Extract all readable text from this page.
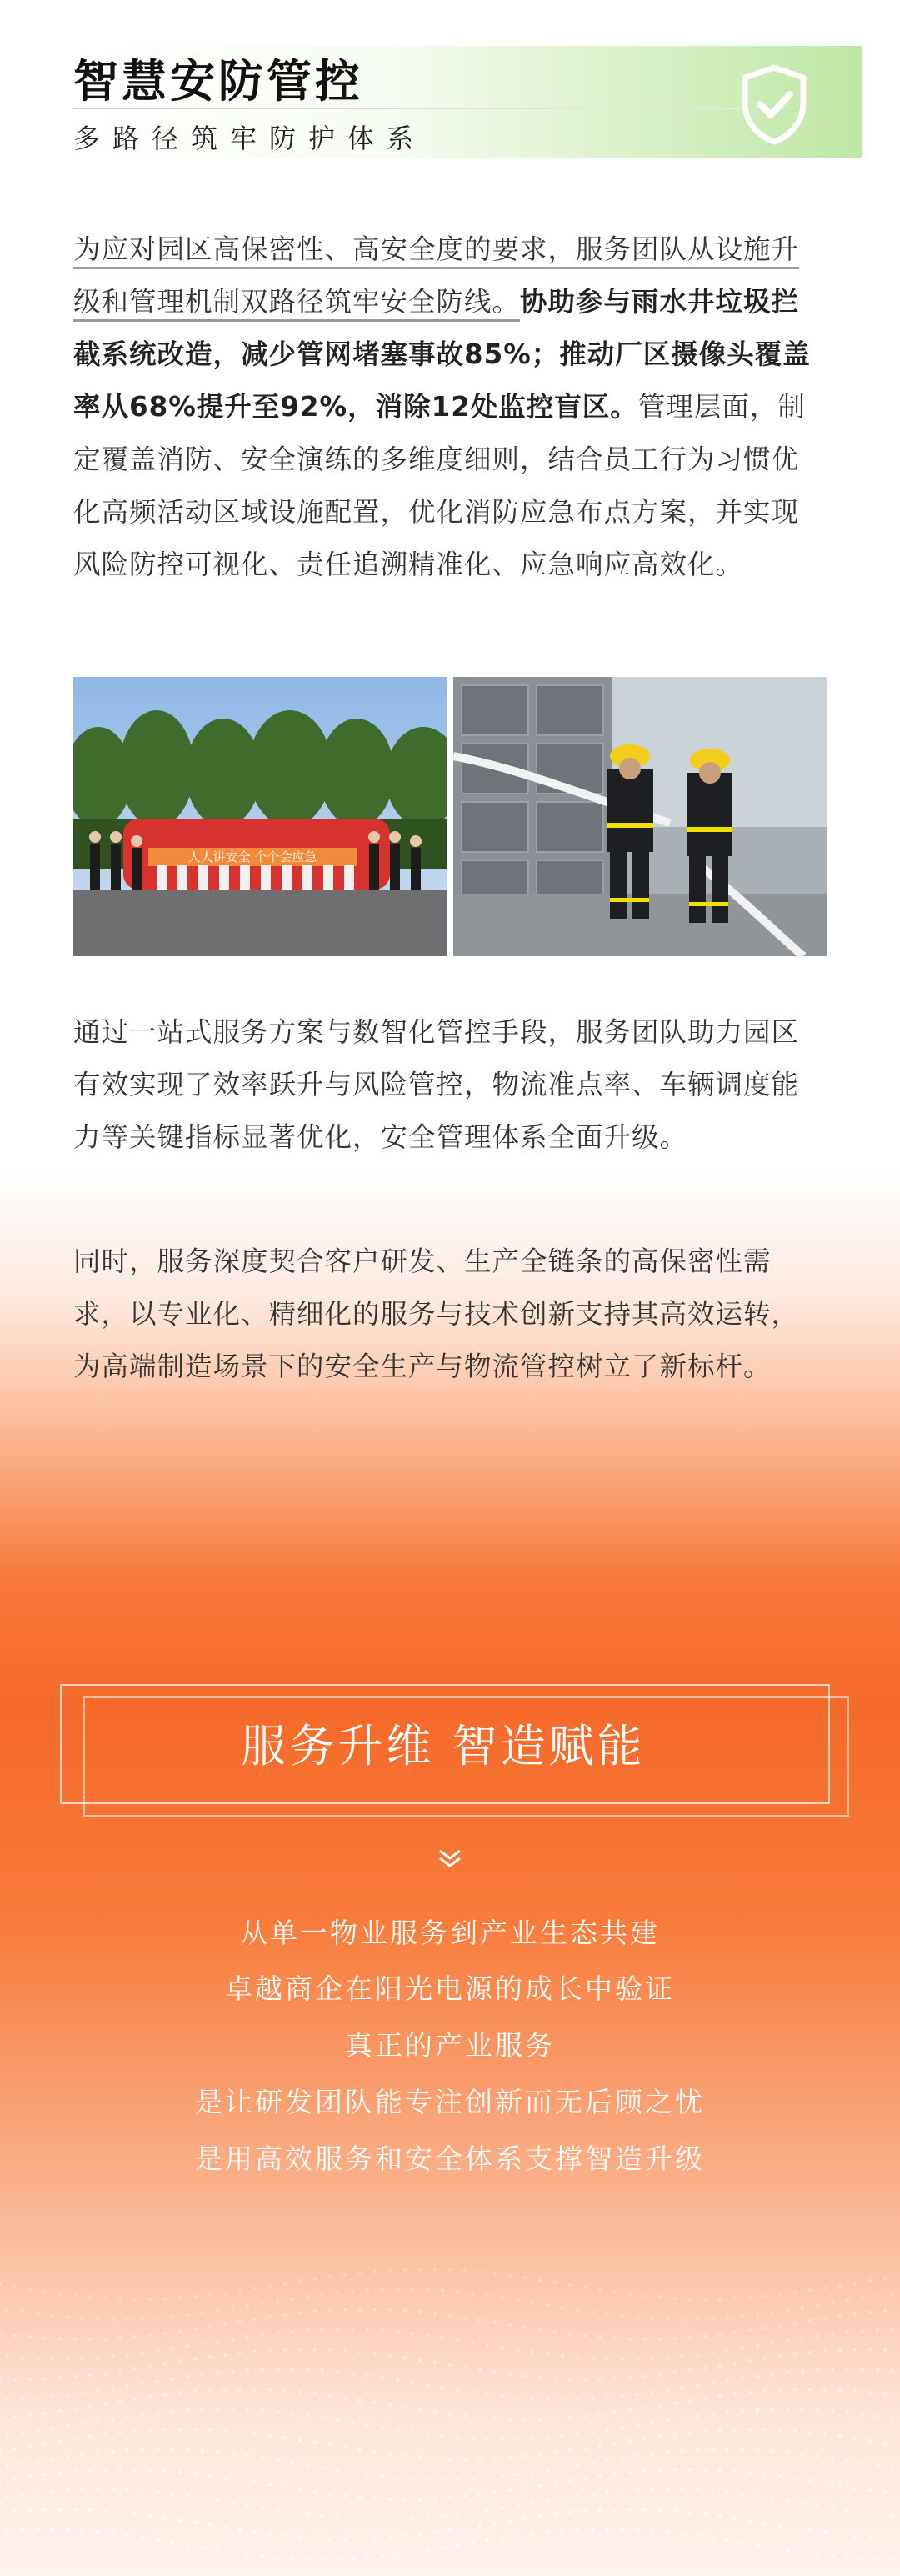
智慧安防管控
多路径筑牢防护体系
为应对园区高保密性、高安全度的要求，服务团队从设施升级和管理机制双路径筑牢安全防线。协助参与雨水井垃圾拦截系统改造，减少管网堵塞事故85%；推动厂区摄像头覆盖率从68%提升至92%，消除12处监控盲区。管理层面，制定覆盖消防、安全演练的多维度细则，结合员工行为习惯优化高频活动区域设施配置，优化消防应急布点方案，并实现风险防控可视化、责任追溯精准化、应急响应高效化。
人人讲安全 个个会应急
通过一站式服务方案与数智化管控手段，服务团队助力园区有效实现了效率跃升与风险管控，物流准点率、车辆调度能力等关键指标显著优化，安全管理体系全面升级。
同时，服务深度契合客户研发、生产全链条的高保密性需求，以专业化、精细化的服务与技术创新支持其高效运转，为高端制造场景下的安全生产与物流管控树立了新标杆。
服务升维 智造赋能
从单一物业服务到产业生态共建
卓越商企在阳光电源的成长中验证
真正的产业服务
是让研发团队能专注创新而无后顾之忧
是用高效服务和安全体系支撑智造升级
